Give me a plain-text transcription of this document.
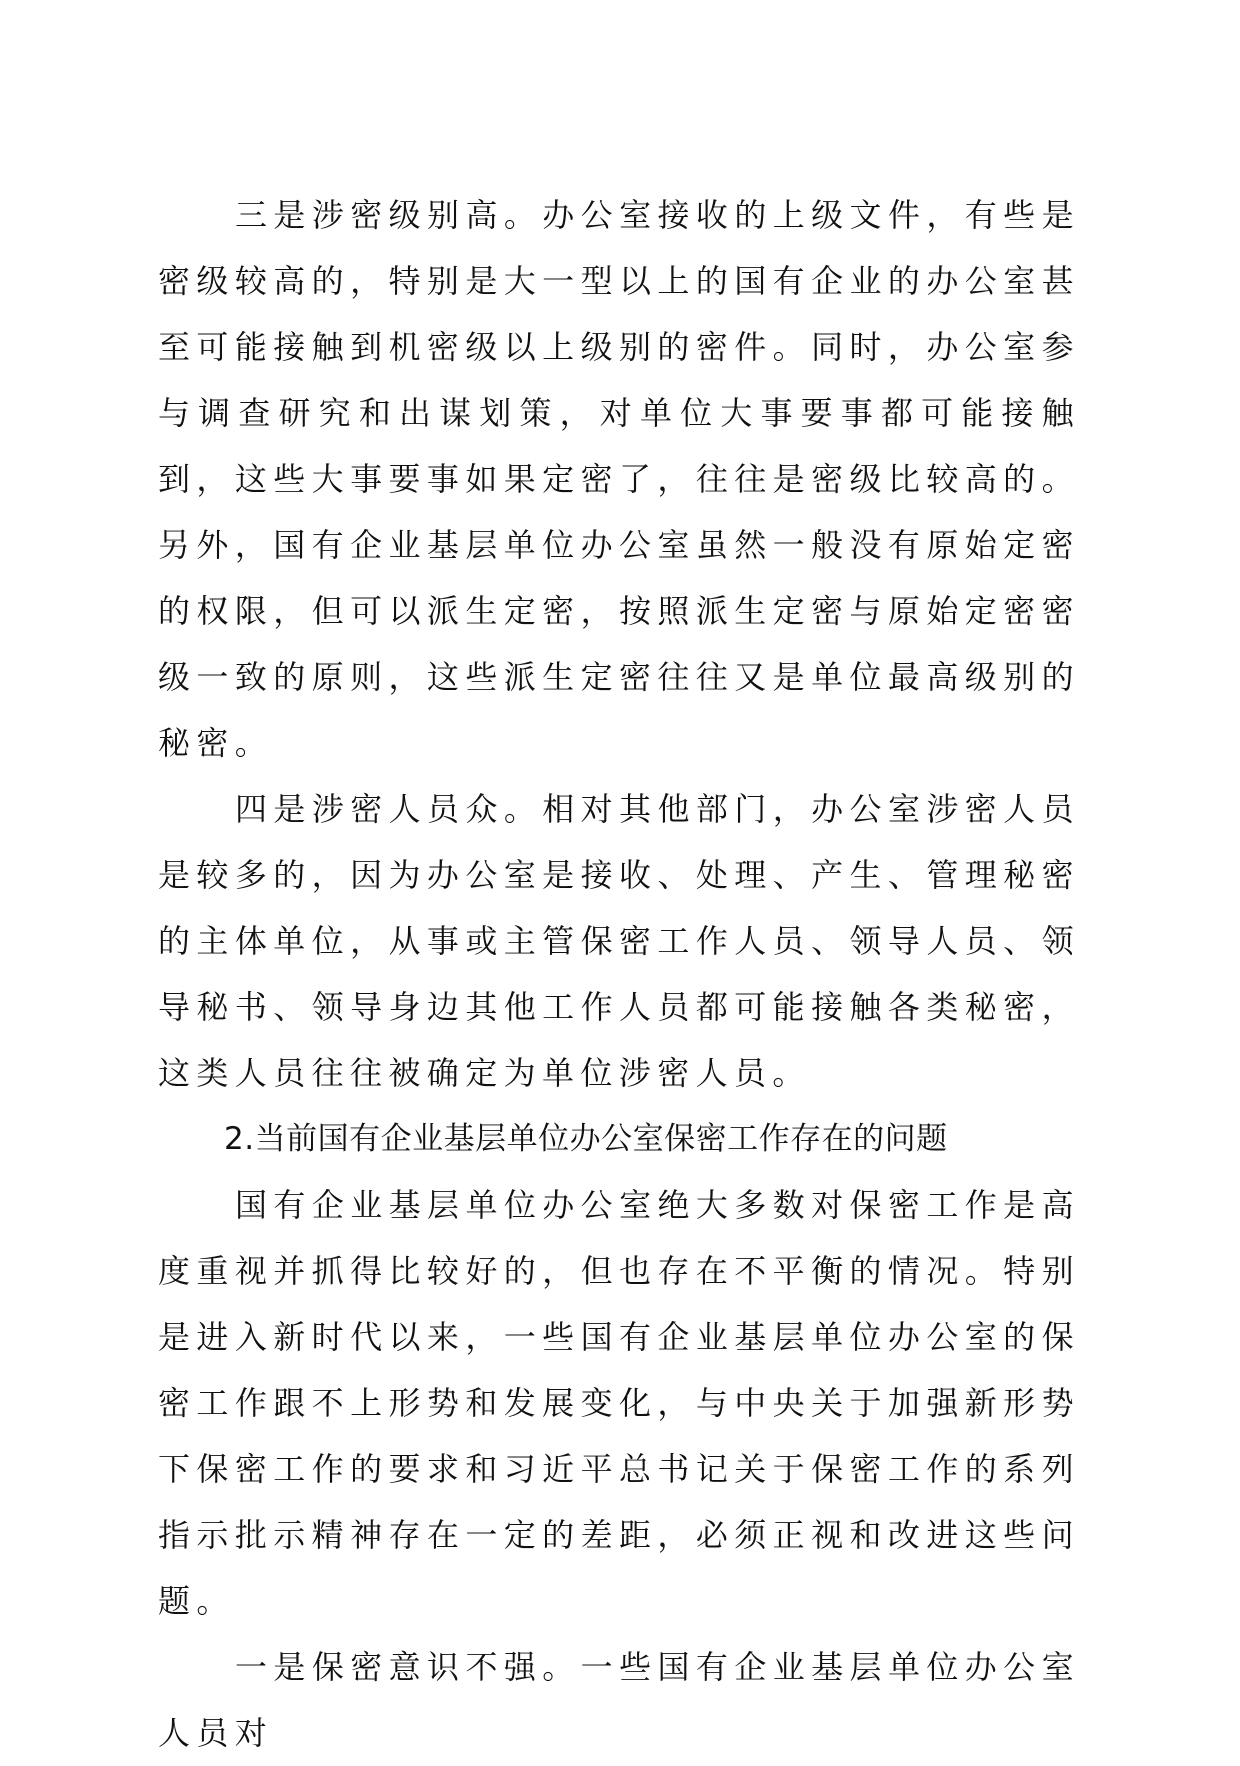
三是涉密级别高。办公室接收的上级文件，有些是密级较高的，特别是大一型以上的国有企业的办公室甚至可能接触到机密级以上级别的密件。同时，办公室参与调查研究和出谋划策，对单位大事要事都可能接触到，这些大事要事如果定密了，往往是密级比较高的。另外，国有企业基层单位办公室虽然一般没有原始定密的权限，但可以派生定密，按照派生定密与原始定密密级一致的原则，这些派生定密往往又是单位最高级别的秘密。

四是涉密人员众。相对其他部门，办公室涉密人员是较多的，因为办公室是接收、处理、产生、管理秘密的主体单位，从事或主管保密工作人员、领导人员、领导秘书、领导身边其他工作人员都可能接触各类秘密，这类人员往往被确定为单位涉密人员。

2.当前国有企业基层单位办公室保密工作存在的问题

国有企业基层单位办公室绝大多数对保密工作是高度重视并抓得比较好的，但也存在不平衡的情况。特别是进入新时代以来，一些国有企业基层单位办公室的保密工作跟不上形势和发展变化，与中央关于加强新形势下保密工作的要求和习近平总书记关于保密工作的系列指示批示精神存在一定的差距，必须正视和改进这些问题。

一是保密意识不强。一些国有企业基层单位办公室人员对
